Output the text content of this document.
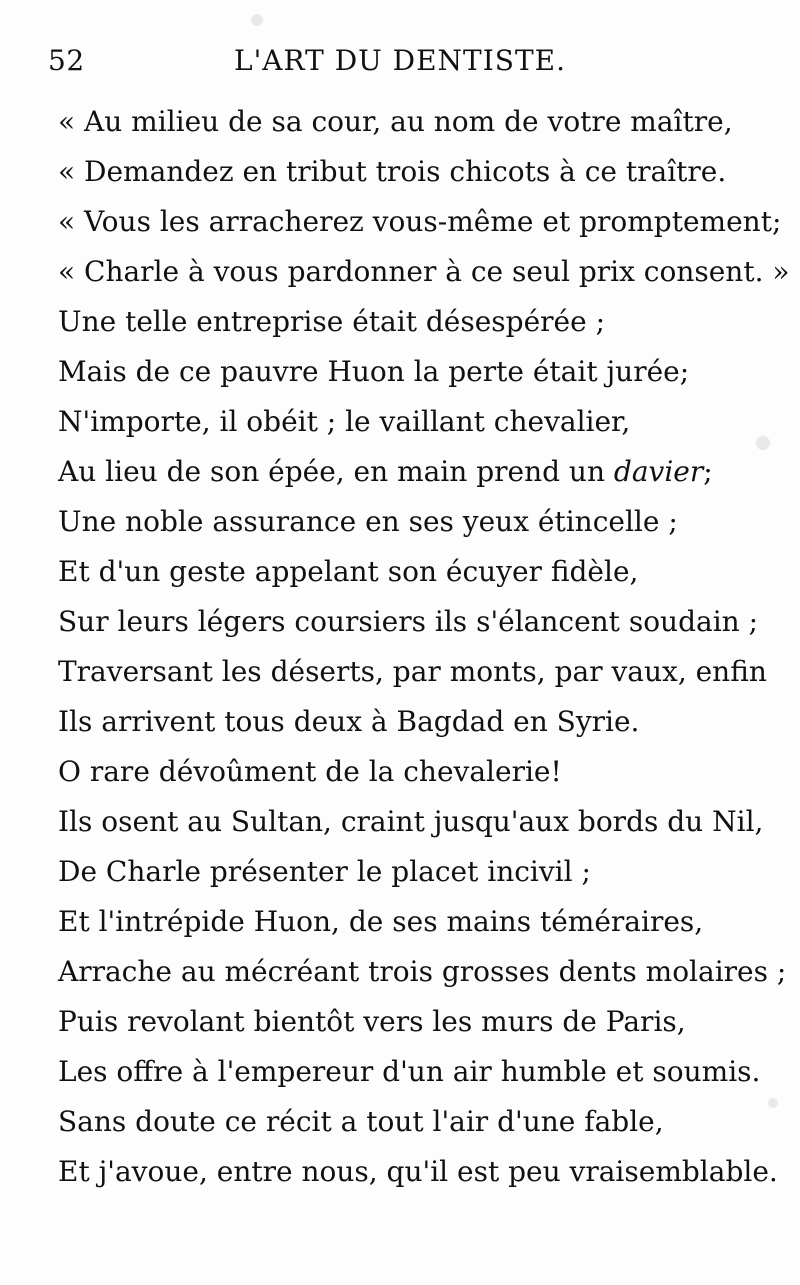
52	L'ART DU DENTISTE.
« Au milieu de sa cour, au nom de votre maître,
« Demandez en tribut trois chicots à ce traître.
« Vous les arracherez vous-même et promptement;
« Charle à vous pardonner à ce seul prix consent. »
Une telle entreprise était désespérée ;
Mais de ce pauvre Huon la perte était jurée;
N'importe, il obéit ; le vaillant chevalier,
Au lieu de son épée, en main prend un davier;
Une noble assurance en ses yeux étincelle ;
Et d'un geste appelant son écuyer fidèle,
Sur leurs légers coursiers ils s'élancent soudain ;
Traversant les déserts, par monts, par vaux, enfin
Ils arrivent tous deux à Bagdad en Syrie.
O rare dévoûment de la chevalerie!
Ils osent au Sultan, craint jusqu'aux bords du Nil,
De Charle présenter le placet incivil ;
Et l'intrépide Huon, de ses mains téméraires,
Arrache au mécréant trois grosses dents molaires ;
Puis revolant bientôt vers les murs de Paris,
Les offre à l'empereur d'un air humble et soumis.
Sans doute ce récit a tout l'air d'une fable,
Et j'avoue, entre nous, qu'il est peu vraisemblable.
